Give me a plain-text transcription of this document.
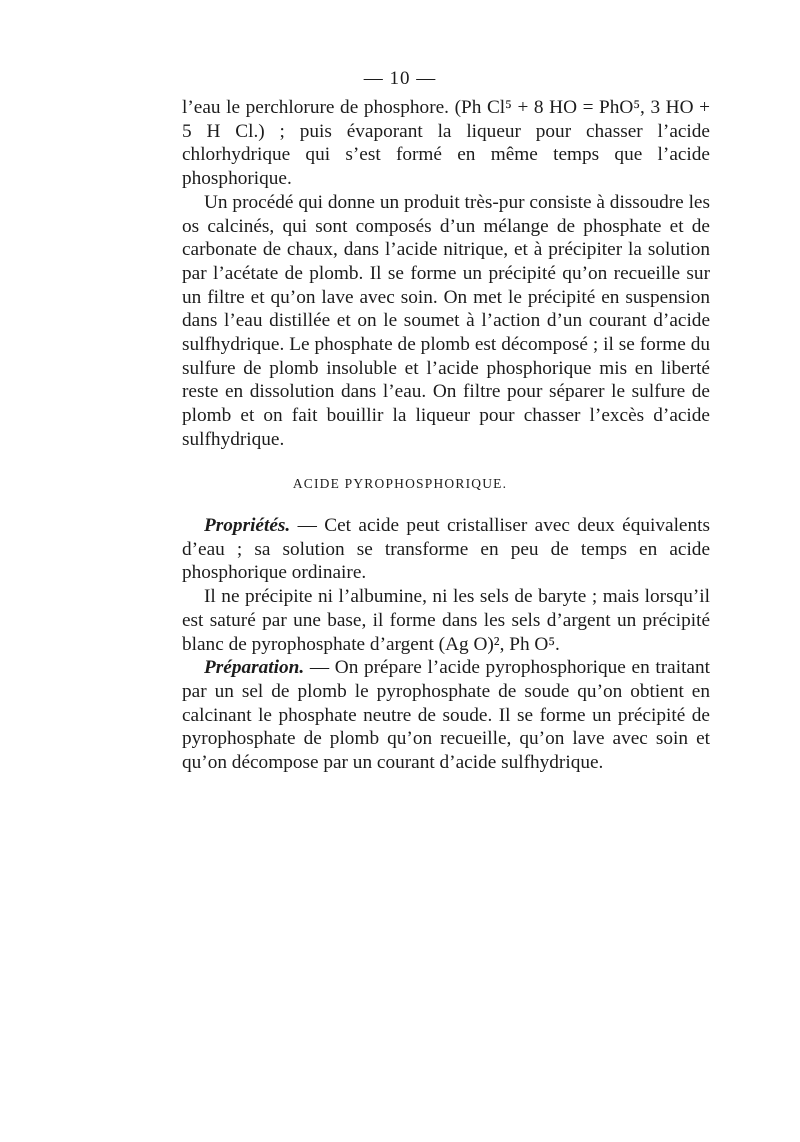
— 10 —

l’eau le perchlorure de phosphore. (Ph Cl⁵ + 8 HO = PhO⁵, 3 HO + 5 H Cl.) ; puis évaporant la liqueur pour chasser l’acide chlorhydrique qui s’est formé en même temps que l’acide phosphorique.

Un procédé qui donne un produit très-pur consiste à dissoudre les os calcinés, qui sont composés d’un mélange de phosphate et de carbonate de chaux, dans l’acide nitrique, et à précipiter la solution par l’acétate de plomb. Il se forme un précipité qu’on recueille sur un filtre et qu’on lave avec soin. On met le précipité en suspension dans l’eau distillée et on le soumet à l’action d’un courant d’acide sulfhydrique. Le phosphate de plomb est décomposé ; il se forme du sulfure de plomb insoluble et l’acide phosphorique mis en liberté reste en dissolution dans l’eau. On filtre pour séparer le sulfure de plomb et on fait bouillir la liqueur pour chasser l’excès d’acide sulfhydrique.

ACIDE PYROPHOSPHORIQUE.

Propriétés. — Cet acide peut cristalliser avec deux équivalents d’eau ; sa solution se transforme en peu de temps en acide phosphorique ordinaire.

Il ne précipite ni l’albumine, ni les sels de baryte ; mais lorsqu’il est saturé par une base, il forme dans les sels d’argent un précipité blanc de pyrophosphate d’argent (Ag O)², Ph O⁵.

Préparation. — On prépare l’acide pyrophosphorique en traitant par un sel de plomb le pyrophosphate de soude qu’on obtient en calcinant le phosphate neutre de soude. Il se forme un précipité de pyrophosphate de plomb qu’on recueille, qu’on lave avec soin et qu’on décompose par un courant d’acide sulfhydrique.
